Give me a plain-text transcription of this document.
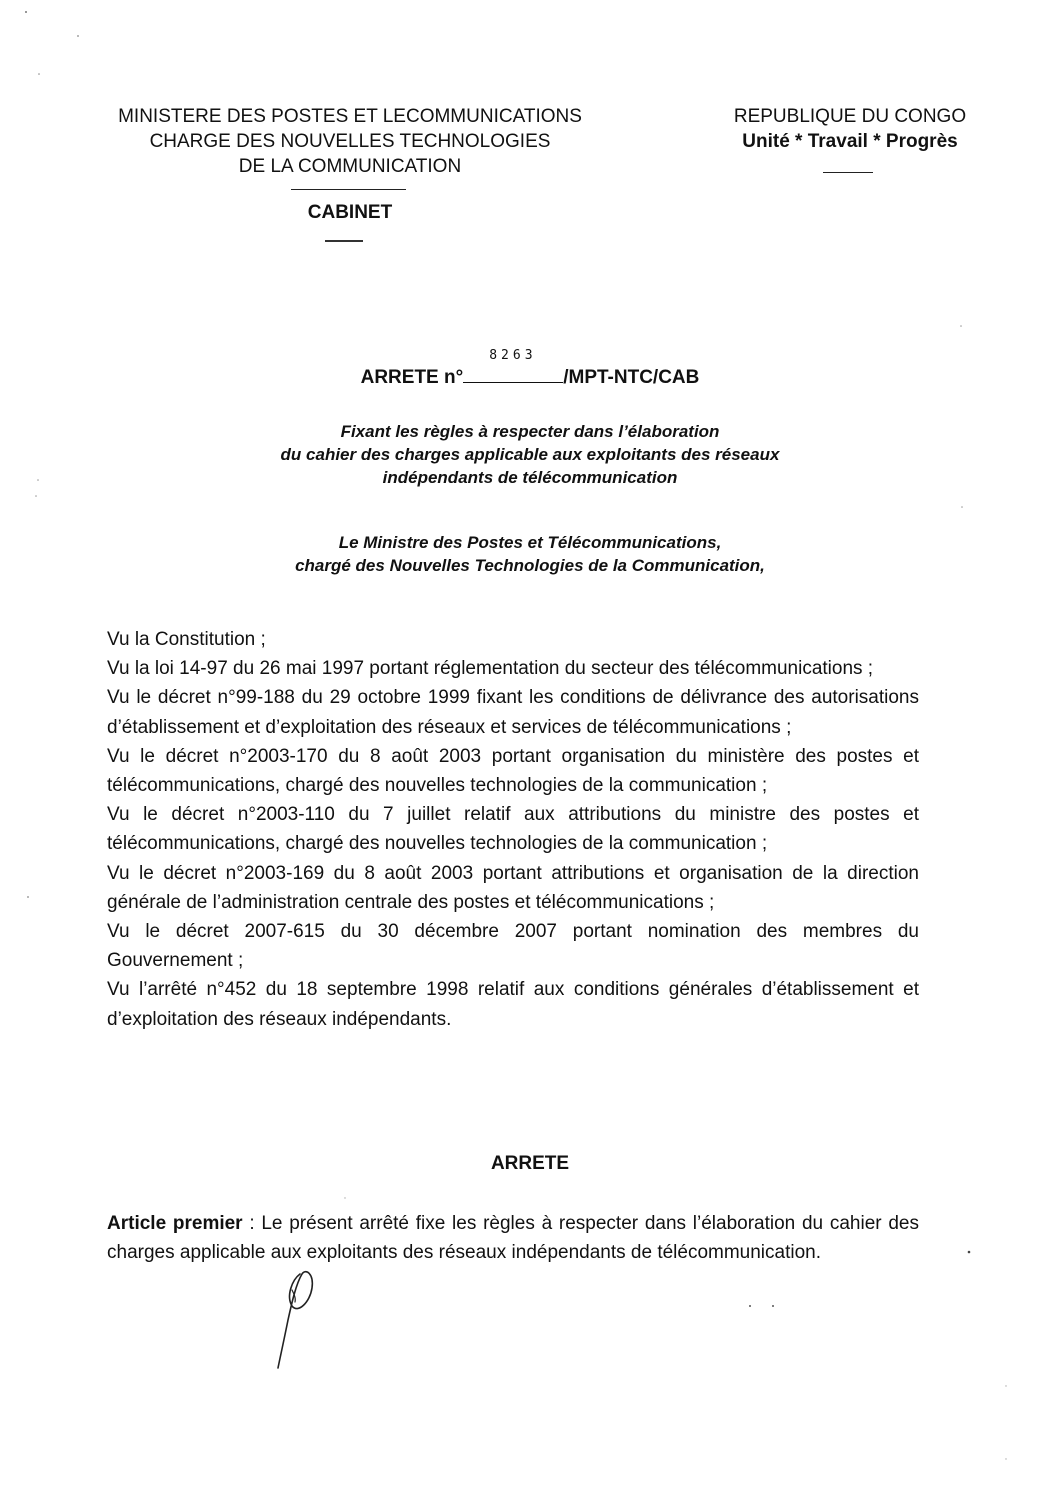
MINISTERE DES POSTES ET LECOMMUNICATIONS
CHARGE DES NOUVELLES TECHNOLOGIES
DE LA COMMUNICATION
CABINET
REPUBLIQUE DU CONGO
Unité * Travail * Progrès
ARRETE n°
8263
/MPT-NTC/CAB
Fixant les règles à respecter dans l’élaboration
du cahier des charges applicable aux exploitants des réseaux
indépendants de télécommunication
Le Ministre des Postes et Télécommunications,
chargé des Nouvelles Technologies de la Communication,

Vu la Constitution ;

Vu la loi 14-97 du 26 mai 1997 portant réglementation du secteur des télécommunications ;

Vu le décret n°99-188 du 29 octobre 1999 fixant les conditions de délivrance des autorisations d’établissement et d’exploitation des réseaux et services de télécommunications ;

Vu le décret n°2003-170 du 8 août 2003 portant organisation du ministère des postes et télécommunications, chargé des nouvelles technologies de la communication ;

Vu le décret n°2003-110 du 7 juillet relatif aux attributions du ministre des postes et télécommunications, chargé des nouvelles technologies de la communication ;

Vu le décret n°2003-169 du 8 août 2003 portant attributions et organisation de la direction générale de l’administration centrale des postes et télécommunications ;

Vu le décret 2007-615 du 30 décembre 2007 portant nomination des membres du Gouvernement ;

Vu l’arrêté n°452 du 18 septembre 1998 relatif aux conditions générales d’établissement et d’exploitation des réseaux indépendants.

ARRETE

Article premier : Le présent arrêté fixe les règles à respecter dans l’élaboration du cahier des charges applicable aux exploitants des réseaux indépendants de télécommunication.
